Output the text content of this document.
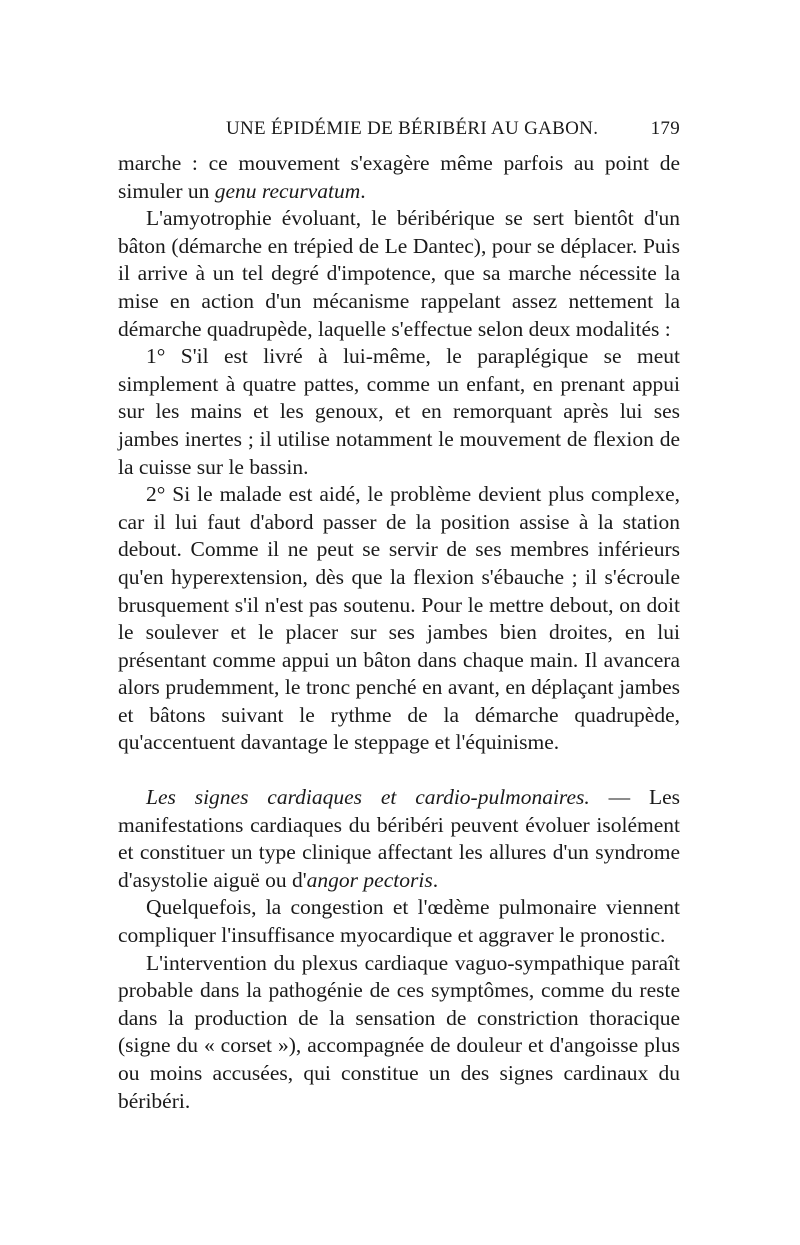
UNE ÉPIDÉMIE DE BÉRIBÉRI AU GABON.	179

marche : ce mouvement s'exagère même parfois au point de simuler un genu recurvatum.

L'amyotrophie évoluant, le béribérique se sert bientôt d'un bâton (démarche en trépied de Le Dantec), pour se déplacer. Puis il arrive à un tel degré d'impotence, que sa marche nécessite la mise en action d'un mécanisme rappelant assez nettement la démarche quadrupède, laquelle s'effectue selon deux modalités :

1° S'il est livré à lui-même, le paraplégique se meut simplement à quatre pattes, comme un enfant, en prenant appui sur les mains et les genoux, et en remorquant après lui ses jambes inertes ; il utilise notamment le mouvement de flexion de la cuisse sur le bassin.

2° Si le malade est aidé, le problème devient plus complexe, car il lui faut d'abord passer de la position assise à la station debout. Comme il ne peut se servir de ses membres inférieurs qu'en hyperextension, dès que la flexion s'ébauche ; il s'écroule brusquement s'il n'est pas soutenu. Pour le mettre debout, on doit le soulever et le placer sur ses jambes bien droites, en lui présentant comme appui un bâton dans chaque main. Il avancera alors prudemment, le tronc penché en avant, en déplaçant jambes et bâtons suivant le rythme de la démarche quadrupède, qu'accentuent davantage le steppage et l'équinisme.

Les signes cardiaques et cardio-pulmonaires. — Les manifestations cardiaques du béribéri peuvent évoluer isolément et constituer un type clinique affectant les allures d'un syndrome d'asystolie aiguë ou d'angor pectoris.

Quelquefois, la congestion et l'œdème pulmonaire viennent compliquer l'insuffisance myocardique et aggraver le pronostic.

L'intervention du plexus cardiaque vaguo-sympathique paraît probable dans la pathogénie de ces symptômes, comme du reste dans la production de la sensation de constriction thoracique (signe du « corset »), accompagnée de douleur et d'angoisse plus ou moins accusées, qui constitue un des signes cardinaux du béribéri.
